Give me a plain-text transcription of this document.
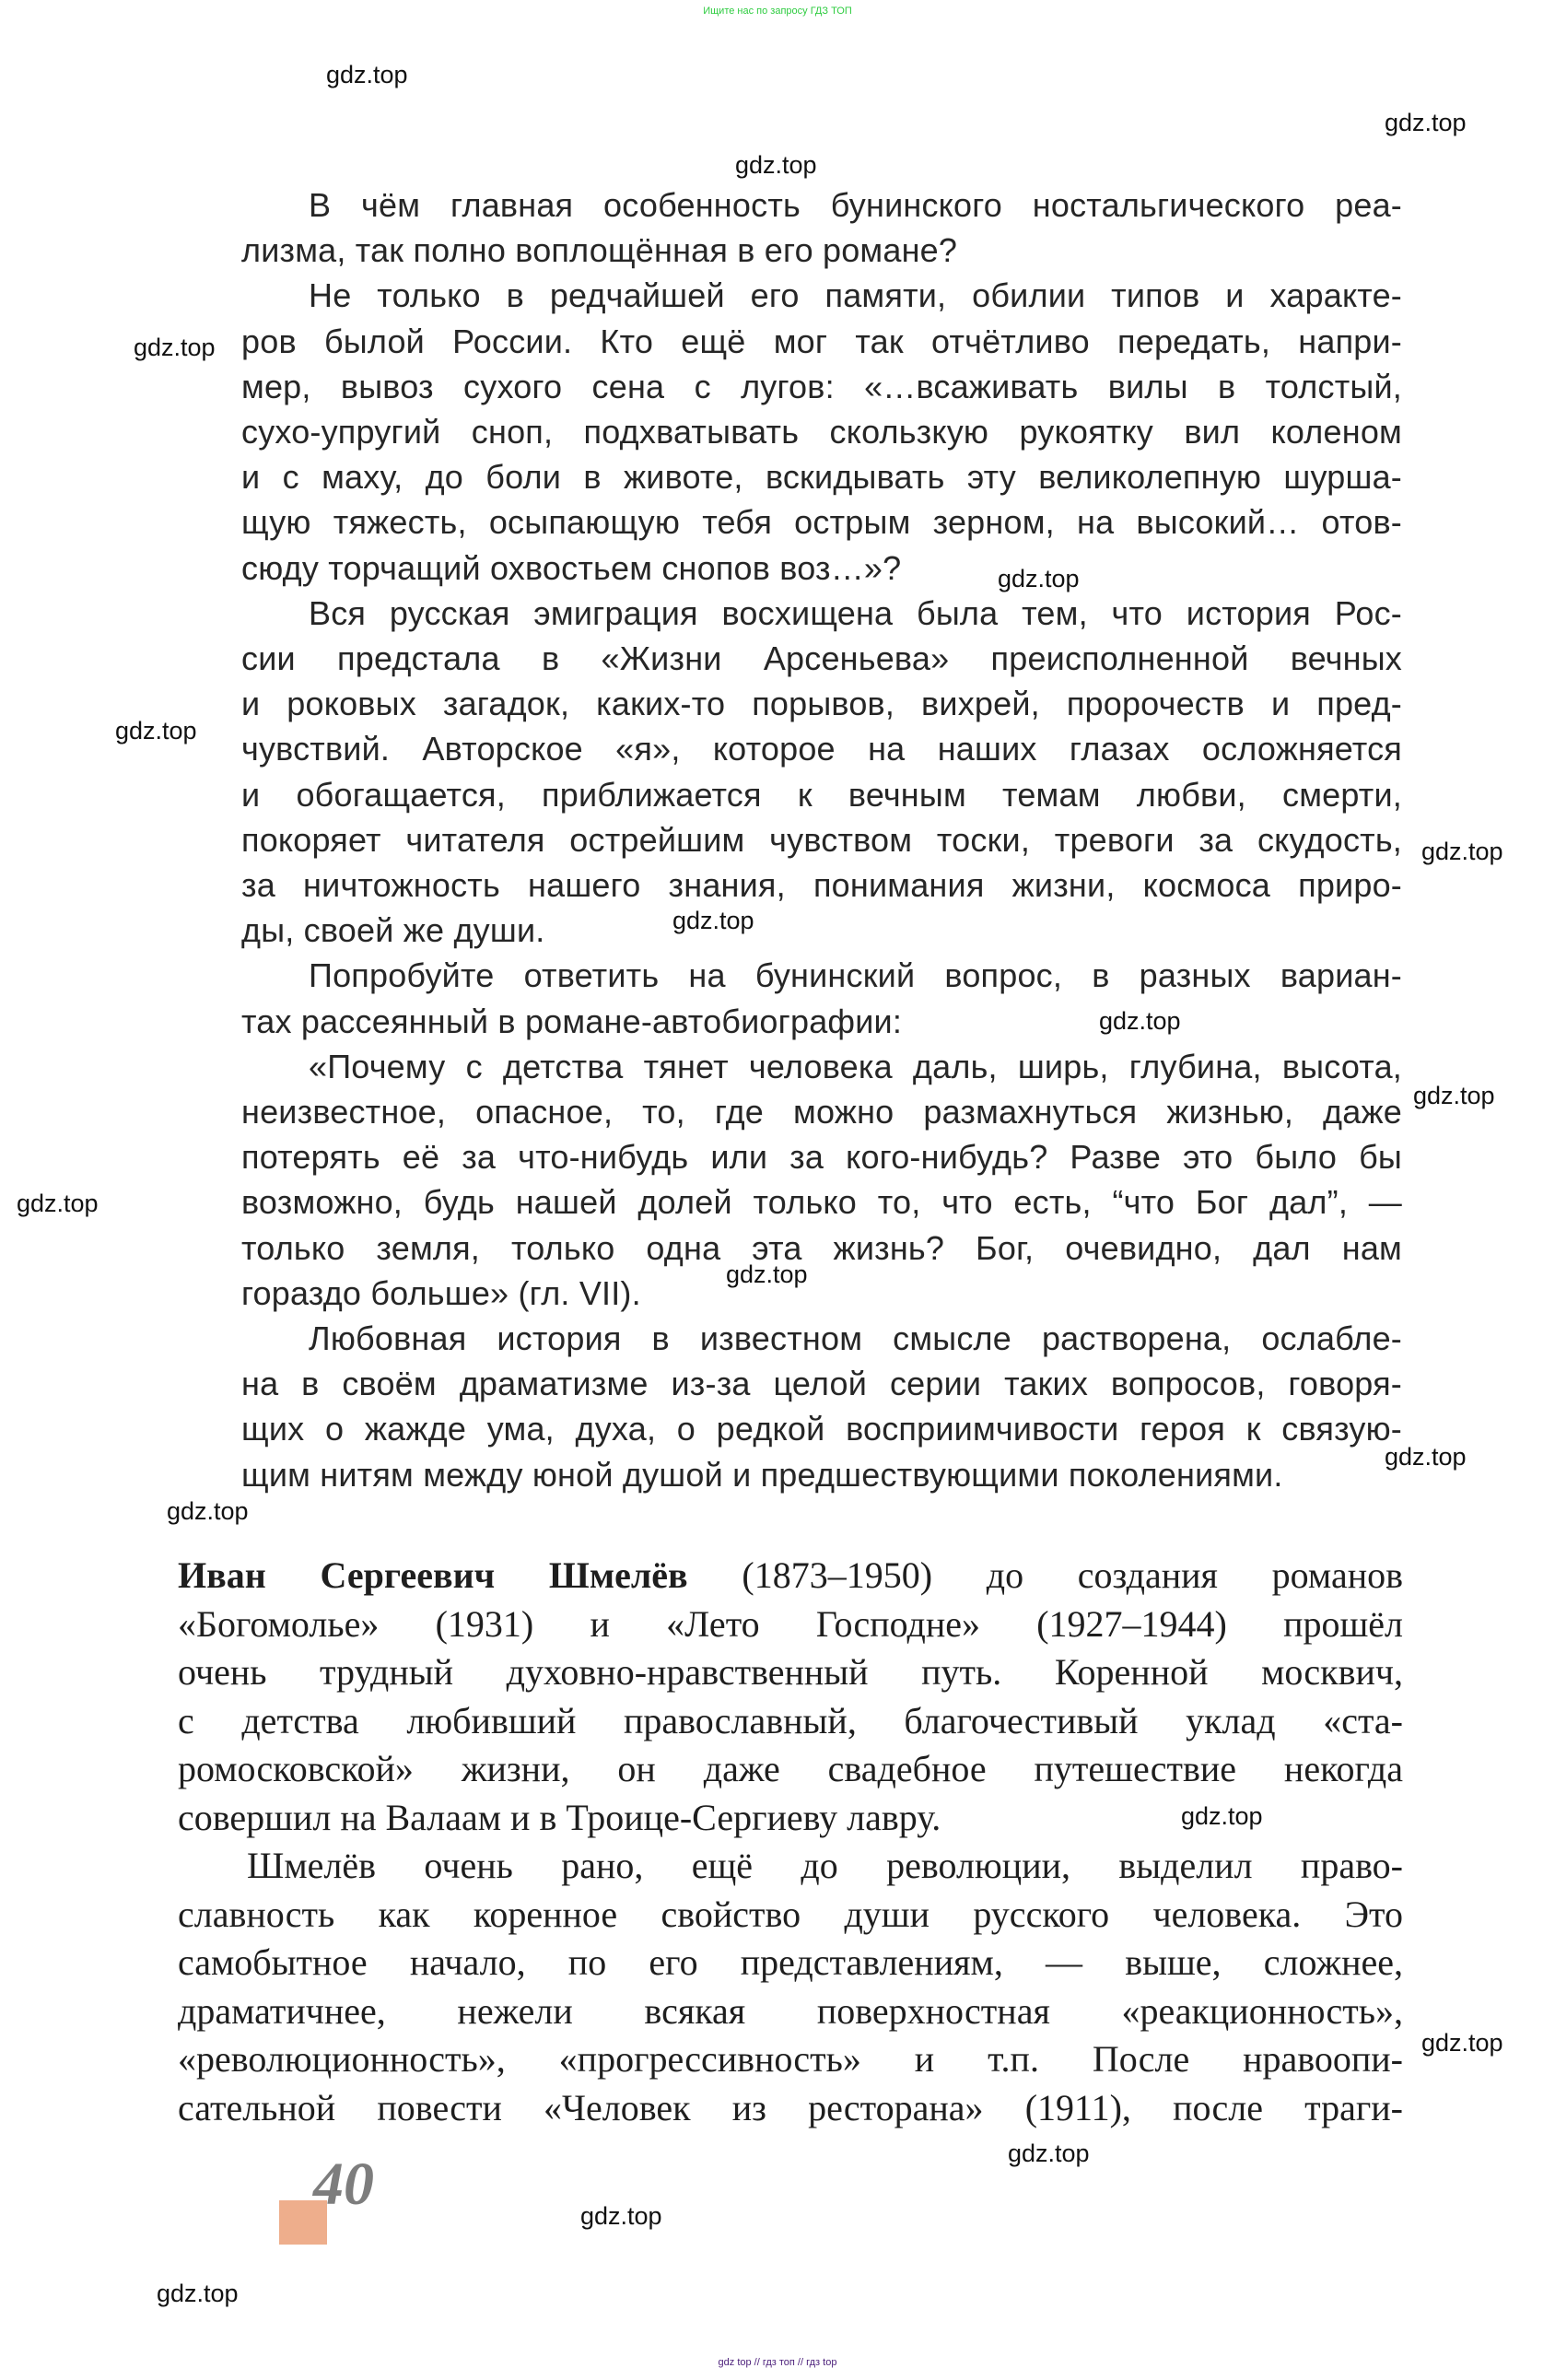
Ищите нас по запросу ГДЗ ТОП

В чём главная особенность бунинского ностальгического реа-
лизма, так полно воплощённая в его романе?

Не только в редчайшей его памяти, обилии типов и характе-
ров былой России. Кто ещё мог так отчётливо передать, напри-
мер, вывоз сухого сена с лугов: «…всаживать вилы в толстый,
сухо-упругий сноп, подхватывать скользкую рукоятку вил коленом
и с маху, до боли в животе, вскидывать эту великолепную шурша-
щую тяжесть, осыпающую тебя острым зерном, на высокий… отов-
сюду торчащий охвостьем снопов воз…»?

Вся русская эмиграция восхищена была тем, что история Рос-
сии предстала в «Жизни Арсеньева» преисполненной вечных
и роковых загадок, каких-то порывов, вихрей, пророчеств и пред-
чувствий. Авторское «я», которое на наших глазах осложняется
и обогащается, приближается к вечным темам любви, смерти,
покоряет читателя острейшим чувством тоски, тревоги за скудость,
за ничтожность нашего знания, понимания жизни, космоса приро-
ды, своей же души.

Попробуйте ответить на бунинский вопрос, в разных вариан-
тах рассеянный в романе-автобиографии:

«Почему с детства тянет человека даль, ширь, глубина, высота,
неизвестное, опасное, то, где можно размахнуться жизнью, даже
потерять её за что-нибудь или за кого-нибудь? Разве это было бы
возможно, будь нашей долей только то, что есть, “что Бог дал”, —
только земля, только одна эта жизнь? Бог, очевидно, дал нам
гораздо больше» (гл. VII).

Любовная история в известном смысле растворена, ослабле-
на в своём драматизме из-за целой серии таких вопросов, говоря-
щих о жажде ума, духа, о редкой восприимчивости героя к связую-
щим нитям между юной душой и предшествующими поколениями.

Иван Сергеевич Шмелёв (1873–1950) до создания романов
«Богомолье» (1931) и «Лето Господне» (1927–1944) прошёл
очень трудный духовно-нравственный путь. Коренной москвич,
с детства любивший православный, благочестивый уклад «ста-
ромосковской» жизни, он даже свадебное путешествие некогда
совершил на Валаам и в Троице-Сергиеву лавру.

Шмелёв очень рано, ещё до революции, выделил право-
славность как коренное свойство души русского человека. Это
самобытное начало, по его представлениям, — выше, сложнее,
драматичнее, нежели всякая поверхностная «реакционность»,
«революционность», «прогрессивность» и т.п. После нравоопи-
сательной повести «Человек из ресторана» (1911), после траги-

40
gdz.top
gdz.top
gdz.top
gdz.top
gdz.top
gdz.top
gdz.top
gdz.top
gdz.top
gdz.top
gdz.top
gdz.top
gdz.top
gdz.top
gdz.top
gdz.top
gdz.top
gdz.top
gdz.top
gdz top // гдз топ // гдз top
